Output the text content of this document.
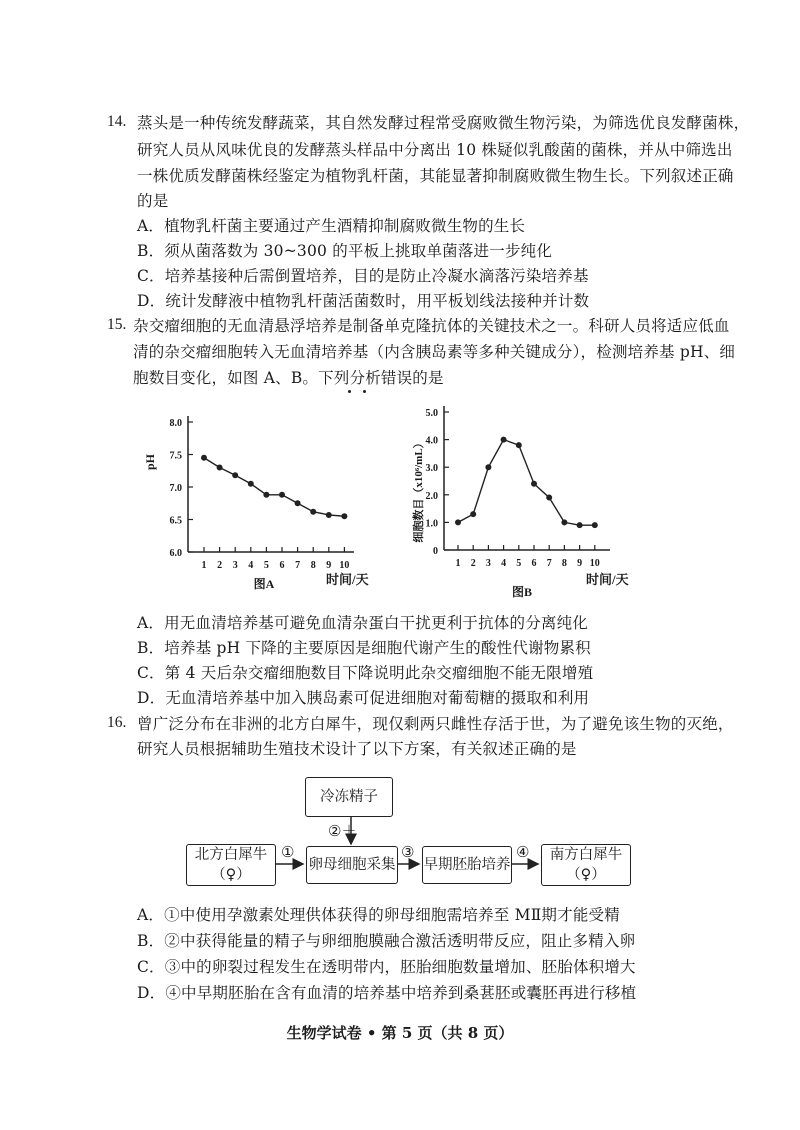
14. 蒸头是一种传统发酵蔬菜，其自然发酵过程常受腐败微生物污染，为筛选优良发酵菌株，
研究人员从风味优良的发酵蒸头样品中分离出 10 株疑似乳酸菌的菌株，并从中筛选出
一株优质发酵菌株经鉴定为植物乳杆菌，其能显著抑制腐败微生物生长。下列叙述正确
的是
A．植物乳杆菌主要通过产生酒精抑制腐败微生物的生长
B．须从菌落数为 30~300 的平板上挑取单菌落进一步纯化
C．培养基接种后需倒置培养，目的是防止冷凝水滴落污染培养基
D．统计发酵液中植物乳杆菌活菌数时，用平板划线法接种并计数
15. 杂交瘤细胞的无血清悬浮培养是制备单克隆抗体的关键技术之一。科研人员将适应低血
清的杂交瘤细胞转入无血清培养基（内含胰岛素等多种关键成分），检测培养基 pH、细
胞数目变化，如图 A、B。下列分析错误的是
6.0
6.5
7.0
7.5
8.0
1 2 3 4 5 6 7 8 9 10
pH
图A	时间/天
0
1.0
2.0
3.0
4.0
5.0
1 2 3 4 5 6 7 8 9 10
细胞数目（x10⁶/mL）
图B
时间/天
A．用无血清培养基可避免血清杂蛋白干扰更利于抗体的分离纯化
B．培养基 pH 下降的主要原因是细胞代谢产生的酸性代谢物累积
C．第 4 天后杂交瘤细胞数目下降说明此杂交瘤细胞不能无限增殖
D．无血清培养基中加入胰岛素可促进细胞对葡萄糖的摄取和利用
16. 曾广泛分布在非洲的北方白犀牛，现仅剩两只雌性存活于世，为了避免该生物的灭绝，
研究人员根据辅助生殖技术设计了以下方案，有关叙述正确的是
冷冻精子
②＋
北方白犀牛
（♀）
①
卵母细胞采集
③
早期胚胎培养
④ 南方白犀牛
（♀）
A．①中使用孕激素处理供体获得的卵母细胞需培养至 MⅡ期才能受精
B．②中获得能量的精子与卵细胞膜融合激活透明带反应，阻止多精入卵
C．③中的卵裂过程发生在透明带内，胚胎细胞数量增加、胚胎体积增大
D．④中早期胚胎在含有血清的培养基中培养到桑葚胚或囊胚再进行移植
生物学试卷 • 第 5 页（共 8 页）
